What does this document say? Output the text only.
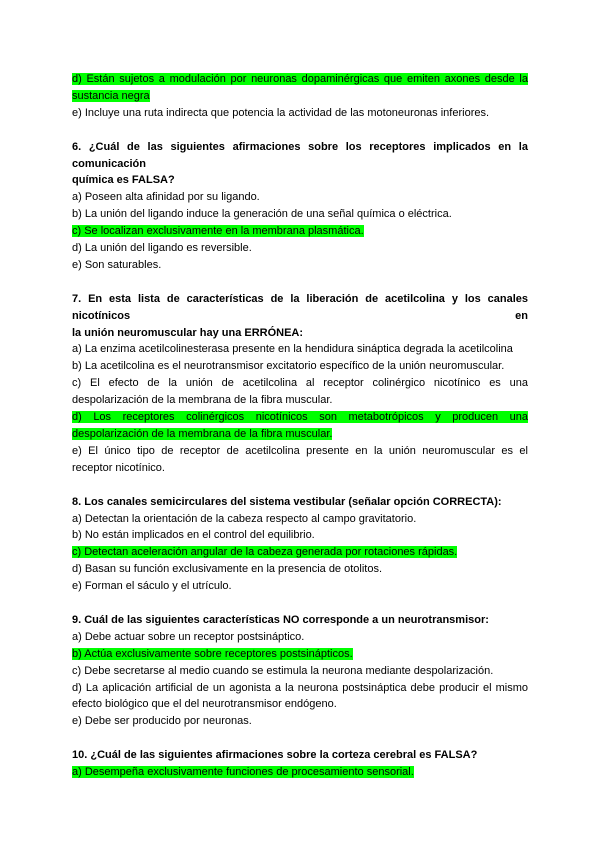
d) Están sujetos a modulación por neuronas dopaminérgicas que emiten axones desde la
sustancia negra
e) Incluye una ruta indirecta que potencia la actividad de las motoneuronas inferiores.
6. ¿Cuál de las siguientes afirmaciones sobre los receptores implicados en la comunicación
química es FALSA?
a) Poseen alta afinidad por su ligando.
b) La unión del ligando induce la generación de una señal química o eléctrica.
c) Se localizan exclusivamente en la membrana plasmática.
d) La unión del ligando es reversible.
e) Son saturables.
7. En esta lista de características de la liberación de acetilcolina y los canales nicotínicos en
la unión neuromuscular hay una ERRÓNEA:
a) La enzima acetilcolinesterasa presente en la hendidura sináptica degrada la acetilcolina
b) La acetilcolina es el neurotransmisor excitatorio específico de la unión neuromuscular.
c) El efecto de la unión de acetilcolina al receptor colinérgico nicotínico es una
despolarización de la membrana de la fibra muscular.
d) Los receptores colinérgicos nicotínicos son metabotrópicos y producen una
despolarización de la membrana de la fibra muscular.
e) El único tipo de receptor de acetilcolina presente en la unión neuromuscular es el
receptor nicotínico.
8. Los canales semicirculares del sistema vestibular (señalar opción CORRECTA):
a) Detectan la orientación de la cabeza respecto al campo gravitatorio.
b) No están implicados en el control del equilibrio.
c) Detectan aceleración angular de la cabeza generada por rotaciones rápidas.
d) Basan su función exclusivamente en la presencia de otolitos.
e) Forman el sáculo y el utrículo.
9. Cuál de las siguientes características NO corresponde a un neurotransmisor:
a) Debe actuar sobre un receptor postsináptico.
b) Actúa exclusivamente sobre receptores postsinápticos.
c) Debe secretarse al medio cuando se estimula la neurona mediante despolarización.
d) La aplicación artificial de un agonista a la neurona postsináptica debe producir el mismo
efecto biológico que el del neurotransmisor endógeno.
e) Debe ser producido por neuronas.
10. ¿Cuál de las siguientes afirmaciones sobre la corteza cerebral es FALSA?
a) Desempeña exclusivamente funciones de procesamiento sensorial.
